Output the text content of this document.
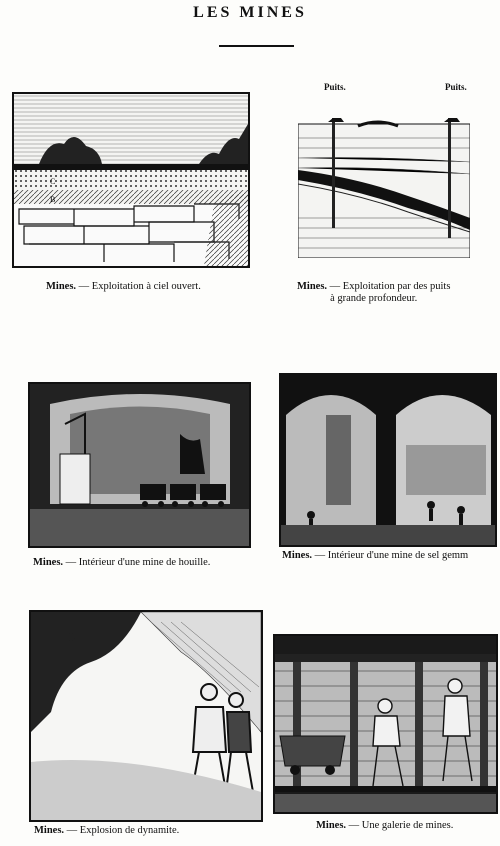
LES MINES
C
B
Mines. — Exploitation à ciel ouvert.
Puits.	Puits.
Mines. — Exploitation par des puits
à grande profondeur.
Mines. — Intérieur d'une mine de houille.
Mines. — Intérieur d'une mine de sel gemm
Mines. — Explosion de dynamite.	Mines. — Une galerie de mines.
